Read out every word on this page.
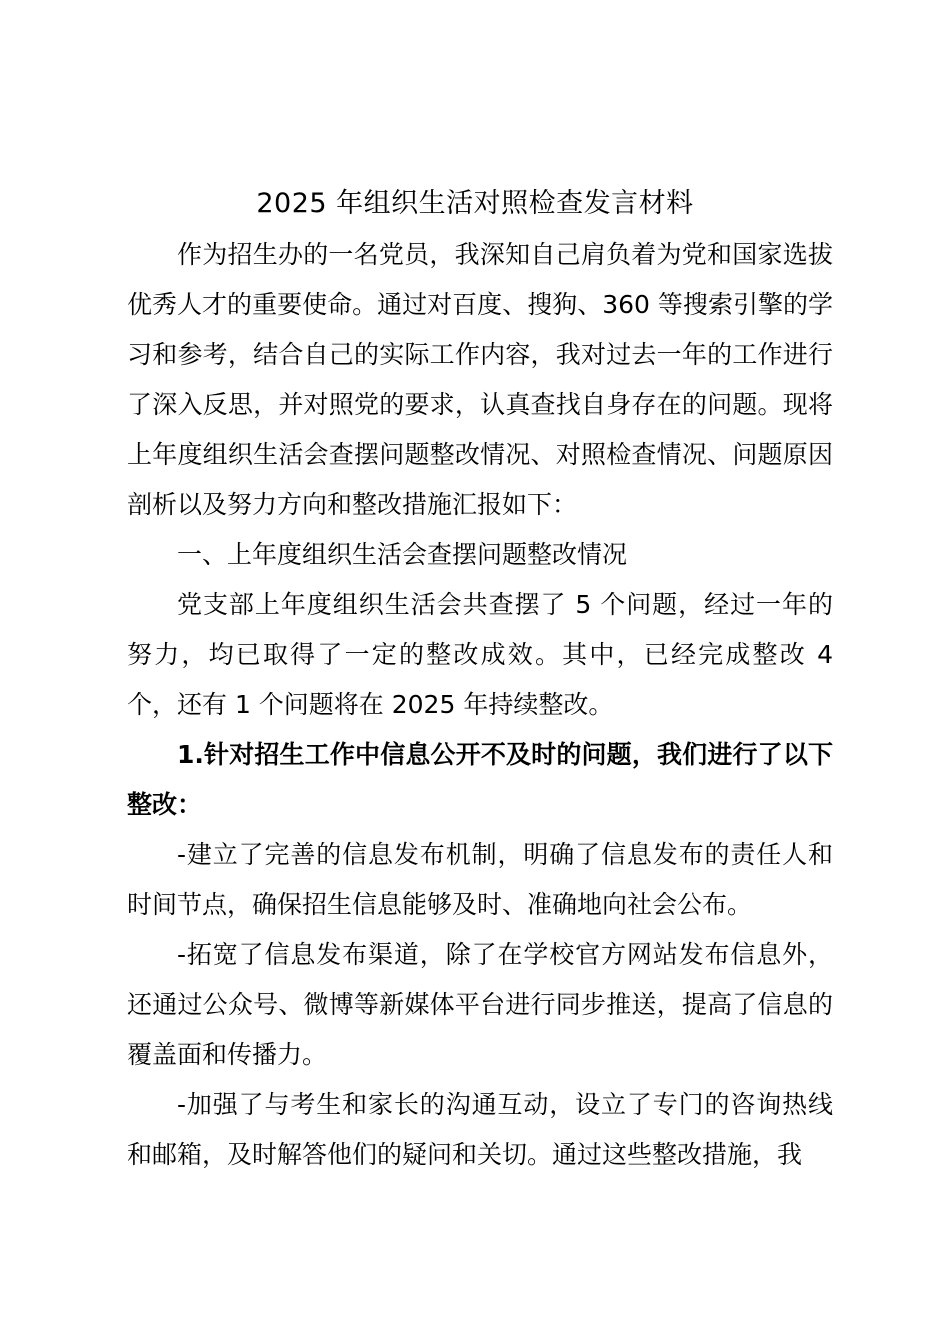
2025 年组织生活对照检查发言材料

作为招生办的一名党员，我深知自己肩负着为党和国家选拔优秀人才的重要使命。通过对百度、搜狗、360 等搜索引擎的学习和参考，结合自己的实际工作内容，我对过去一年的工作进行了深入反思，并对照党的要求，认真查找自身存在的问题。现将上年度组织生活会查摆问题整改情况、对照检查情况、问题原因剖析以及努力方向和整改措施汇报如下：

一、上年度组织生活会查摆问题整改情况

党支部上年度组织生活会共查摆了 5 个问题，经过一年的努力，均已取得了一定的整改成效。其中，已经完成整改 4 个，还有 1 个问题将在 2025 年持续整改。

1.针对招生工作中信息公开不及时的问题，我们进行了以下整改：

-建立了完善的信息发布机制，明确了信息发布的责任人和时间节点，确保招生信息能够及时、准确地向社会公布。

-拓宽了信息发布渠道，除了在学校官方网站发布信息外，还通过公众号、微博等新媒体平台进行同步推送，提高了信息的覆盖面和传播力。

-加强了与考生和家长的沟通互动，设立了专门的咨询热线和邮箱，及时解答他们的疑问和关切。通过这些整改措施，我
